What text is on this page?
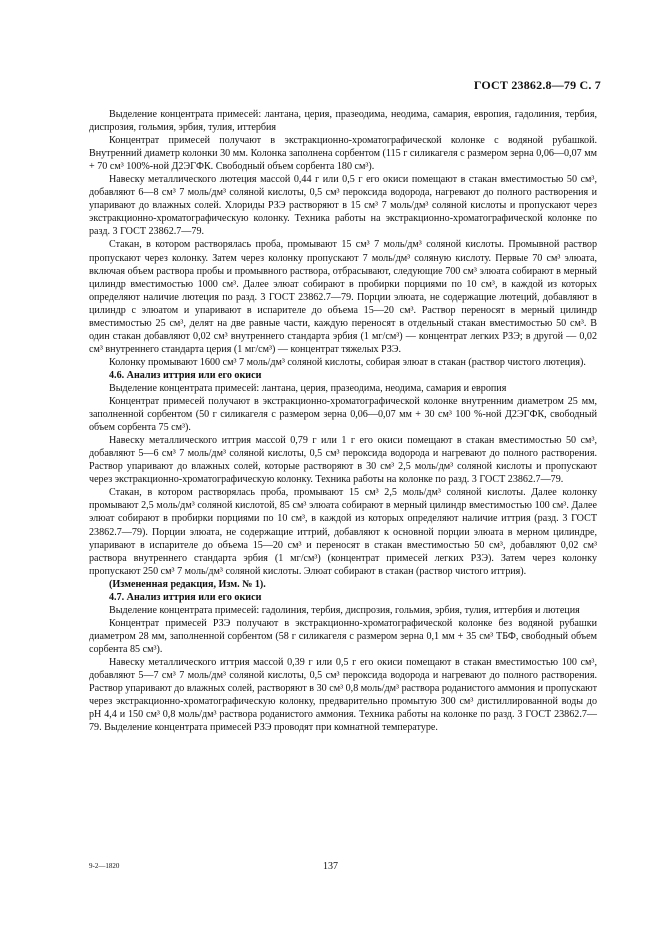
ГОСТ 23862.8—79 С. 7

Выделение концентрата примесей: лантана, церия, празеодима, неодима, самария, европия, гадолиния, тербия, диспрозия, гольмия, эрбия, тулия, иттербия

Концентрат примесей получают в экстракционно-хроматографической колонке с водяной рубашкой. Внутренний диаметр колонки 30 мм. Колонка заполнена сорбентом (115 г силикагеля с размером зерна 0,06—0,07 мм + 70 см³ 100%-ной Д2ЭГФК. Свободный объем сорбента 180 см³).

Навеску металлического лютеция массой 0,44 г или 0,5 г его окиси помещают в стакан вместимостью 50 см³, добавляют 6—8 см³ 7 моль/дм³ соляной кислоты, 0,5 см³ пероксида водорода, нагревают до полного растворения и упаривают до влажных солей. Хлориды РЗЭ растворяют в 15 см³ 7 моль/дм³ соляной кислоты и пропускают через экстракционно-хроматографическую колонку. Техника работы на экстракционно-хроматографической колонке по разд. 3 ГОСТ 23862.7—79.

Стакан, в котором растворялась проба, промывают 15 см³ 7 моль/дм³ соляной кислоты. Промывной раствор пропускают через колонку. Затем через колонку пропускают 7 моль/дм³ соляную кислоту. Первые 70 см³ элюата, включая объем раствора пробы и промывного раствора, отбрасывают, следующие 700 см³ элюата собирают в мерный цилиндр вместимостью 1000 см³. Далее элюат собирают в пробирки порциями по 10 см³, в каждой из которых определяют наличие лютеция по разд. 3 ГОСТ 23862.7—79. Порции элюата, не содержащие лютеций, добавляют в цилиндр с элюатом и упаривают в испарителе до объема 15—20 см³. Раствор переносят в мерный цилиндр вместимостью 25 см³, делят на две равные части, каждую переносят в отдельный стакан вместимостью 50 см³. В один стакан добавляют 0,02 см³ внутреннего стандарта эрбия (1 мг/см³) — концентрат легких РЗЭ; в другой — 0,02 см³ внутреннего стандарта церия (1 мг/см³) — концентрат тяжелых РЗЭ.

Колонку промывают 1600 см³ 7 моль/дм³ соляной кислоты, собирая элюат в стакан (раствор чистого лютеция).

4.6. Анализ иттрия или его окиси

Выделение концентрата примесей: лантана, церия, празеодима, неодима, самария и европия

Концентрат примесей получают в экстракционно-хроматографической колонке внутренним диаметром 25 мм, заполненной сорбентом (50 г силикагеля с размером зерна 0,06—0,07 мм + 30 см³ 100 %-ной Д2ЭГФК, свободный объем сорбента 75 см³).

Навеску металлического иттрия массой 0,79 г или 1 г его окиси помещают в стакан вместимостью 50 см³, добавляют 5—6 см³ 7 моль/дм³ соляной кислоты, 0,5 см³ пероксида водорода и нагревают до полного растворения. Раствор упаривают до влажных солей, которые растворяют в 30 см³ 2,5 моль/дм³ соляной кислоты и пропускают через экстракционно-хроматографическую колонку. Техника работы на колонке по разд. 3 ГОСТ 23862.7—79.

Стакан, в котором растворялась проба, промывают 15 см³ 2,5 моль/дм³ соляной кислоты. Далее колонку промывают 2,5 моль/дм³ соляной кислотой, 85 см³ элюата собирают в мерный цилиндр вместимостью 100 см³. Далее элюат собирают в пробирки порциями по 10 см³, в каждой из которых определяют наличие иттрия (разд. 3 ГОСТ 23862.7—79). Порции элюата, не содержащие иттрий, добавляют к основной порции элюата в мерном цилиндре, упаривают в испарителе до объема 15—20 см³ и переносят в стакан вместимостью 50 см³, добавляют 0,02 см³ раствора внутреннего стандарта эрбия (1 мг/см³) (концентрат примесей легких РЗЭ). Затем через колонку пропускают 250 см³ 7 моль/дм³ соляной кислоты. Элюат собирают в стакан (раствор чистого иттрия).

(Измененная редакция, Изм. № 1).

4.7. Анализ иттрия или его окиси

Выделение концентрата примесей: гадолиния, тербия, диспрозия, гольмия, эрбия, тулия, иттербия и лютеция

Концентрат примесей РЗЭ получают в экстракционно-хроматографической колонке без водяной рубашки диаметром 28 мм, заполненной сорбентом (58 г силикагеля с размером зерна 0,1 мм + 35 см³ ТБФ, свободный объем сорбента 85 см³).

Навеску металлического иттрия массой 0,39 г или 0,5 г его окиси помещают в стакан вместимостью 100 см³, добавляют 5—7 см³ 7 моль/дм³ соляной кислоты, 0,5 см³ пероксида водорода и нагревают до полного растворения. Раствор упаривают до влажных солей, растворяют в 30 см³ 0,8 моль/дм³ раствора роданистого аммония и пропускают через экстракционно-хроматографическую колонку, предварительно промытую 300 см³ дистиллированной воды до pH 4,4 и 150 см³ 0,8 моль/дм³ раствора роданистого аммония. Техника работы на колонке по разд. 3 ГОСТ 23862.7—79. Выделение концентрата примесей РЗЭ проводят при комнатной температуре.

9-2—1820	137
